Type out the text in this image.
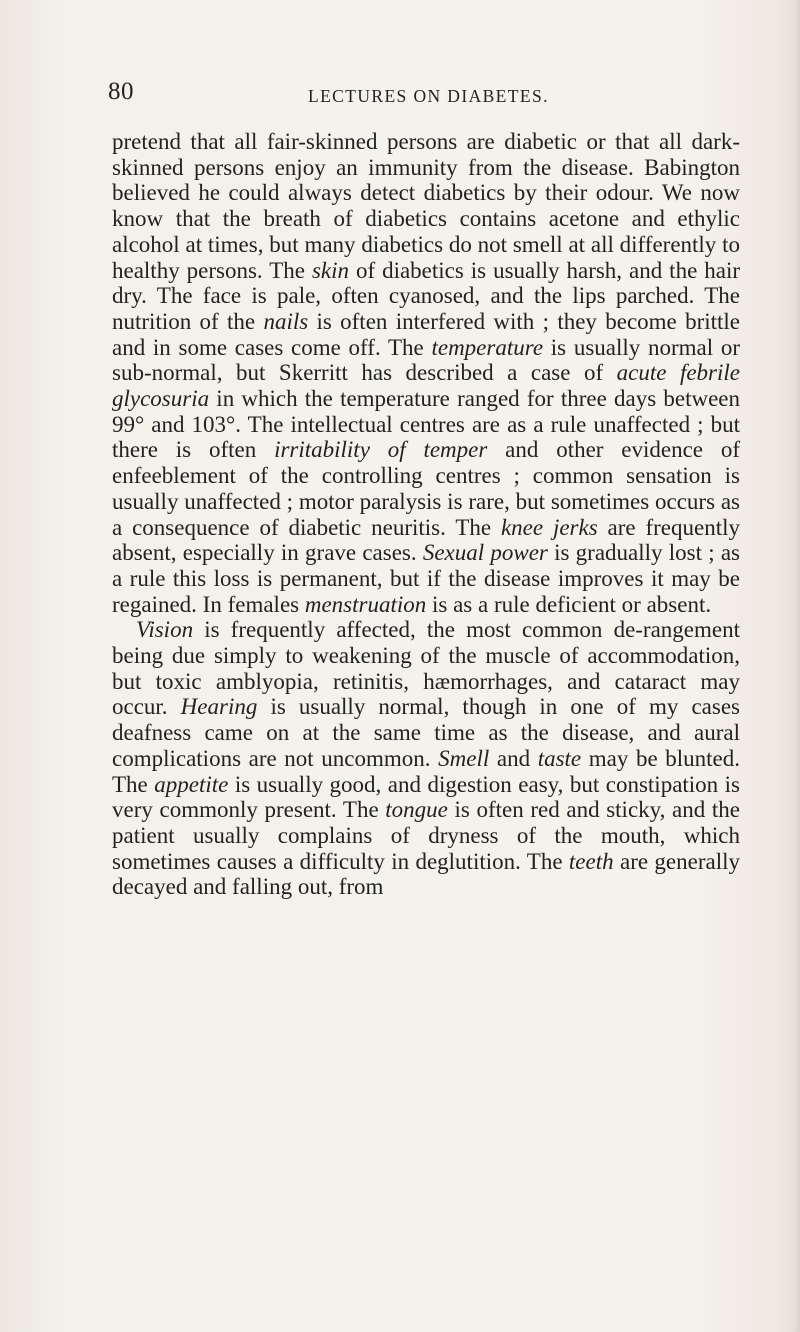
80	LECTURES ON DIABETES.

pretend that all fair-skinned persons are diabetic or that all dark-skinned persons enjoy an immunity from the disease. Babington believed he could always detect diabetics by their odour. We now know that the breath of diabetics contains acetone and ethylic alcohol at times, but many diabetics do not smell at all differently to healthy persons. The skin of diabetics is usually harsh, and the hair dry. The face is pale, often cyanosed, and the lips parched. The nutrition of the nails is often interfered with ; they become brittle and in some cases come off. The temperature is usually normal or sub-normal, but Skerritt has described a case of acute febrile glycosuria in which the temperature ranged for three days between 99° and 103°. The intellectual centres are as a rule unaffected ; but there is often irritability of temper and other evidence of enfeeblement of the controlling centres ; common sensation is usually unaffected ; motor paralysis is rare, but sometimes occurs as a consequence of diabetic neuritis. The knee jerks are frequently absent, especially in grave cases. Sexual power is gradually lost ; as a rule this loss is permanent, but if the disease improves it may be regained. In females menstruation is as a rule deficient or absent.

Vision is frequently affected, the most common de-rangement being due simply to weakening of the muscle of accommodation, but toxic amblyopia, retinitis, hæmorrhages, and cataract may occur. Hearing is usually normal, though in one of my cases deafness came on at the same time as the disease, and aural complications are not uncommon. Smell and taste may be blunted. The appetite is usually good, and digestion easy, but constipation is very commonly present. The tongue is often red and sticky, and the patient usually complains of dryness of the mouth, which sometimes causes a difficulty in deglutition. The teeth are generally decayed and falling out, from
